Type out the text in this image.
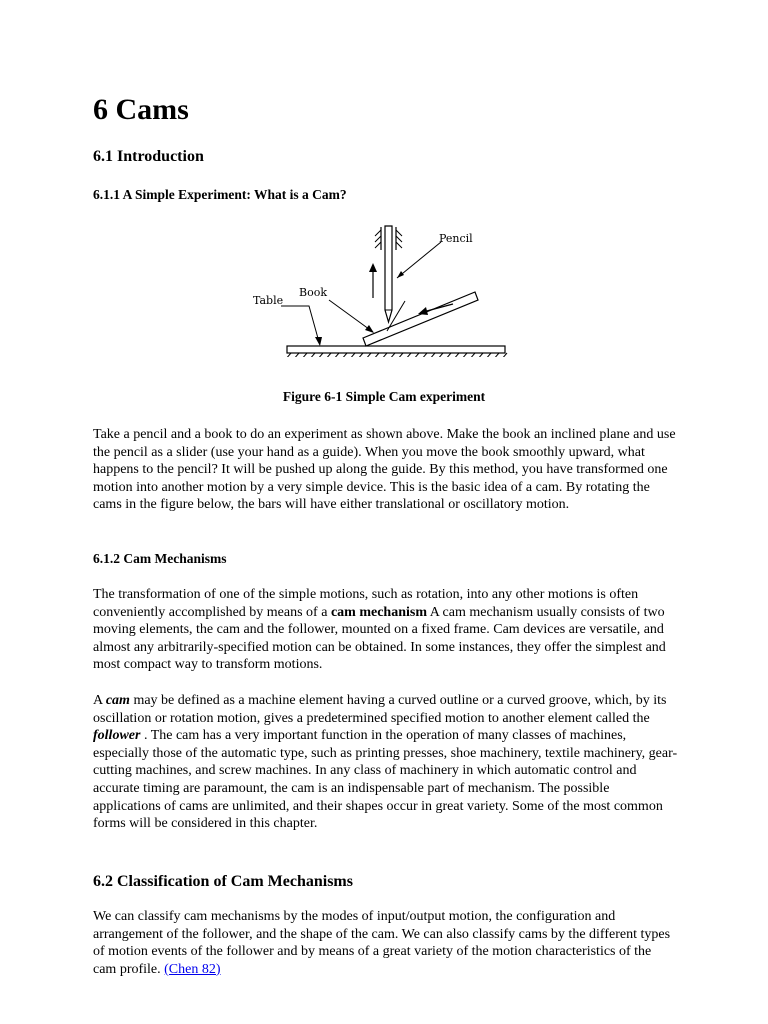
6 Cams
6.1 Introduction
6.1.1 A Simple Experiment: What is a Cam?
Pencil
Book
Table
Figure 6-1 Simple Cam experiment

Take a pencil and a book to do an experiment as shown above. Make the book an inclined plane and use the pencil as a slider (use your hand as a guide). When you move the book smoothly upward, what happens to the pencil? It will be pushed up along the guide. By this method, you have transformed one motion into another motion by a very simple device. This is the basic idea of a cam. By rotating the cams in the figure below, the bars will have either translational or oscillatory motion.

6.1.2 Cam Mechanisms

The transformation of one of the simple motions, such as rotation, into any other motions is often conveniently accomplished by means of a cam mechanism A cam mechanism usually consists of two moving elements, the cam and the follower, mounted on a fixed frame. Cam devices are versatile, and almost any arbitrarily-specified motion can be obtained. In some instances, they offer the simplest and most compact way to transform motions.

A cam may be defined as a machine element having a curved outline or a curved groove, which, by its oscillation or rotation motion, gives a predetermined specified motion to another element called the follower . The cam has a very important function in the operation of many classes of machines, especially those of the automatic type, such as printing presses, shoe machinery, textile machinery, gear-cutting machines, and screw machines. In any class of machinery in which automatic control and accurate timing are paramount, the cam is an indispensable part of mechanism. The possible applications of cams are unlimited, and their shapes occur in great variety. Some of the most common forms will be considered in this chapter.

6.2 Classification of Cam Mechanisms

We can classify cam mechanisms by the modes of input/output motion, the configuration and arrangement of the follower, and the shape of the cam. We can also classify cams by the different types of motion events of the follower and by means of a great variety of the motion characteristics of the cam profile. (Chen 82)
